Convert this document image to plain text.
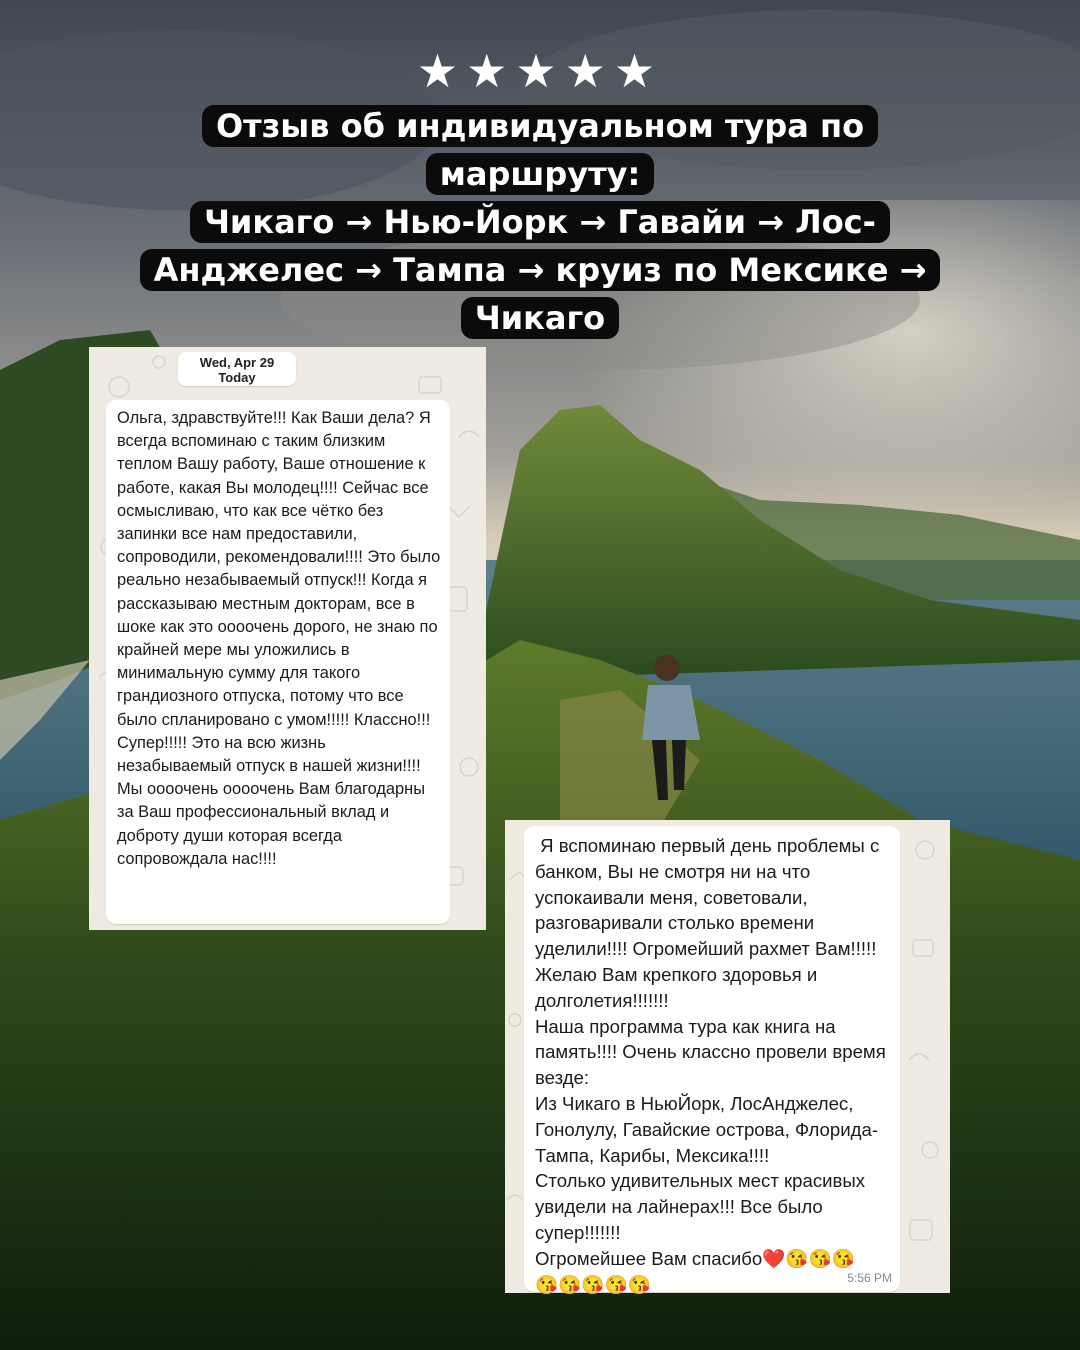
★★★★★
Отзыв об индивидуальном тура по маршруту:
Чикаго → Нью-Йорк → Гавайи → Лос-
Анджелес → Тампа → круиз по Мексике →
Чикаго
Wed, Apr 29
Today

Ольга, здравствуйте!!! Как Ваши дела? Я всегда вспоминаю с таким близким теплом Вашу работу, Ваше отношение к работе, какая Вы молодец!!!! Сейчас все осмысливаю, что как все чётко без запинки все нам предоставили, сопроводили, рекомендовали!!!! Это было реально незабываемый отпуск!!! Когда я рассказываю местным докторам, все в шоке как это оооочень дорого, не знаю по крайней мере мы уложились в минимальную сумму для такого грандиозного отпуска, потому что все было спланировано с умом!!!!! Классно!!! Супер!!!!! Это на всю жизнь незабываемый отпуск в нашей жизни!!!! Мы оооочень оооочень Вам благодарны за Ваш профессиональный вклад и доброту души которая всегда сопровождала нас!!!!

Я вспоминаю первый день проблемы с банком, Вы не смотря ни на что успокаивали меня, советовали, разговаривали столько времени уделили!!!! Огромейший рахмет Вам!!!!! Желаю Вам крепкого здоровья и долголетия!!!!!!!
Наша программа тура как книга на память!!!! Очень классно провели время везде:
Из Чикаго в НьюЙорк, ЛосАнджелес, Гонолулу, Гавайские острова, Флорида-Тампа, Карибы, Мексика!!!!
Столько удивительных мест красивых увидели на лайнерах!!! Все было супер!!!!!!!
Огромейшее Вам спасибо❤️😘😘😘
😘😘😘😘😘	5:56 PM
